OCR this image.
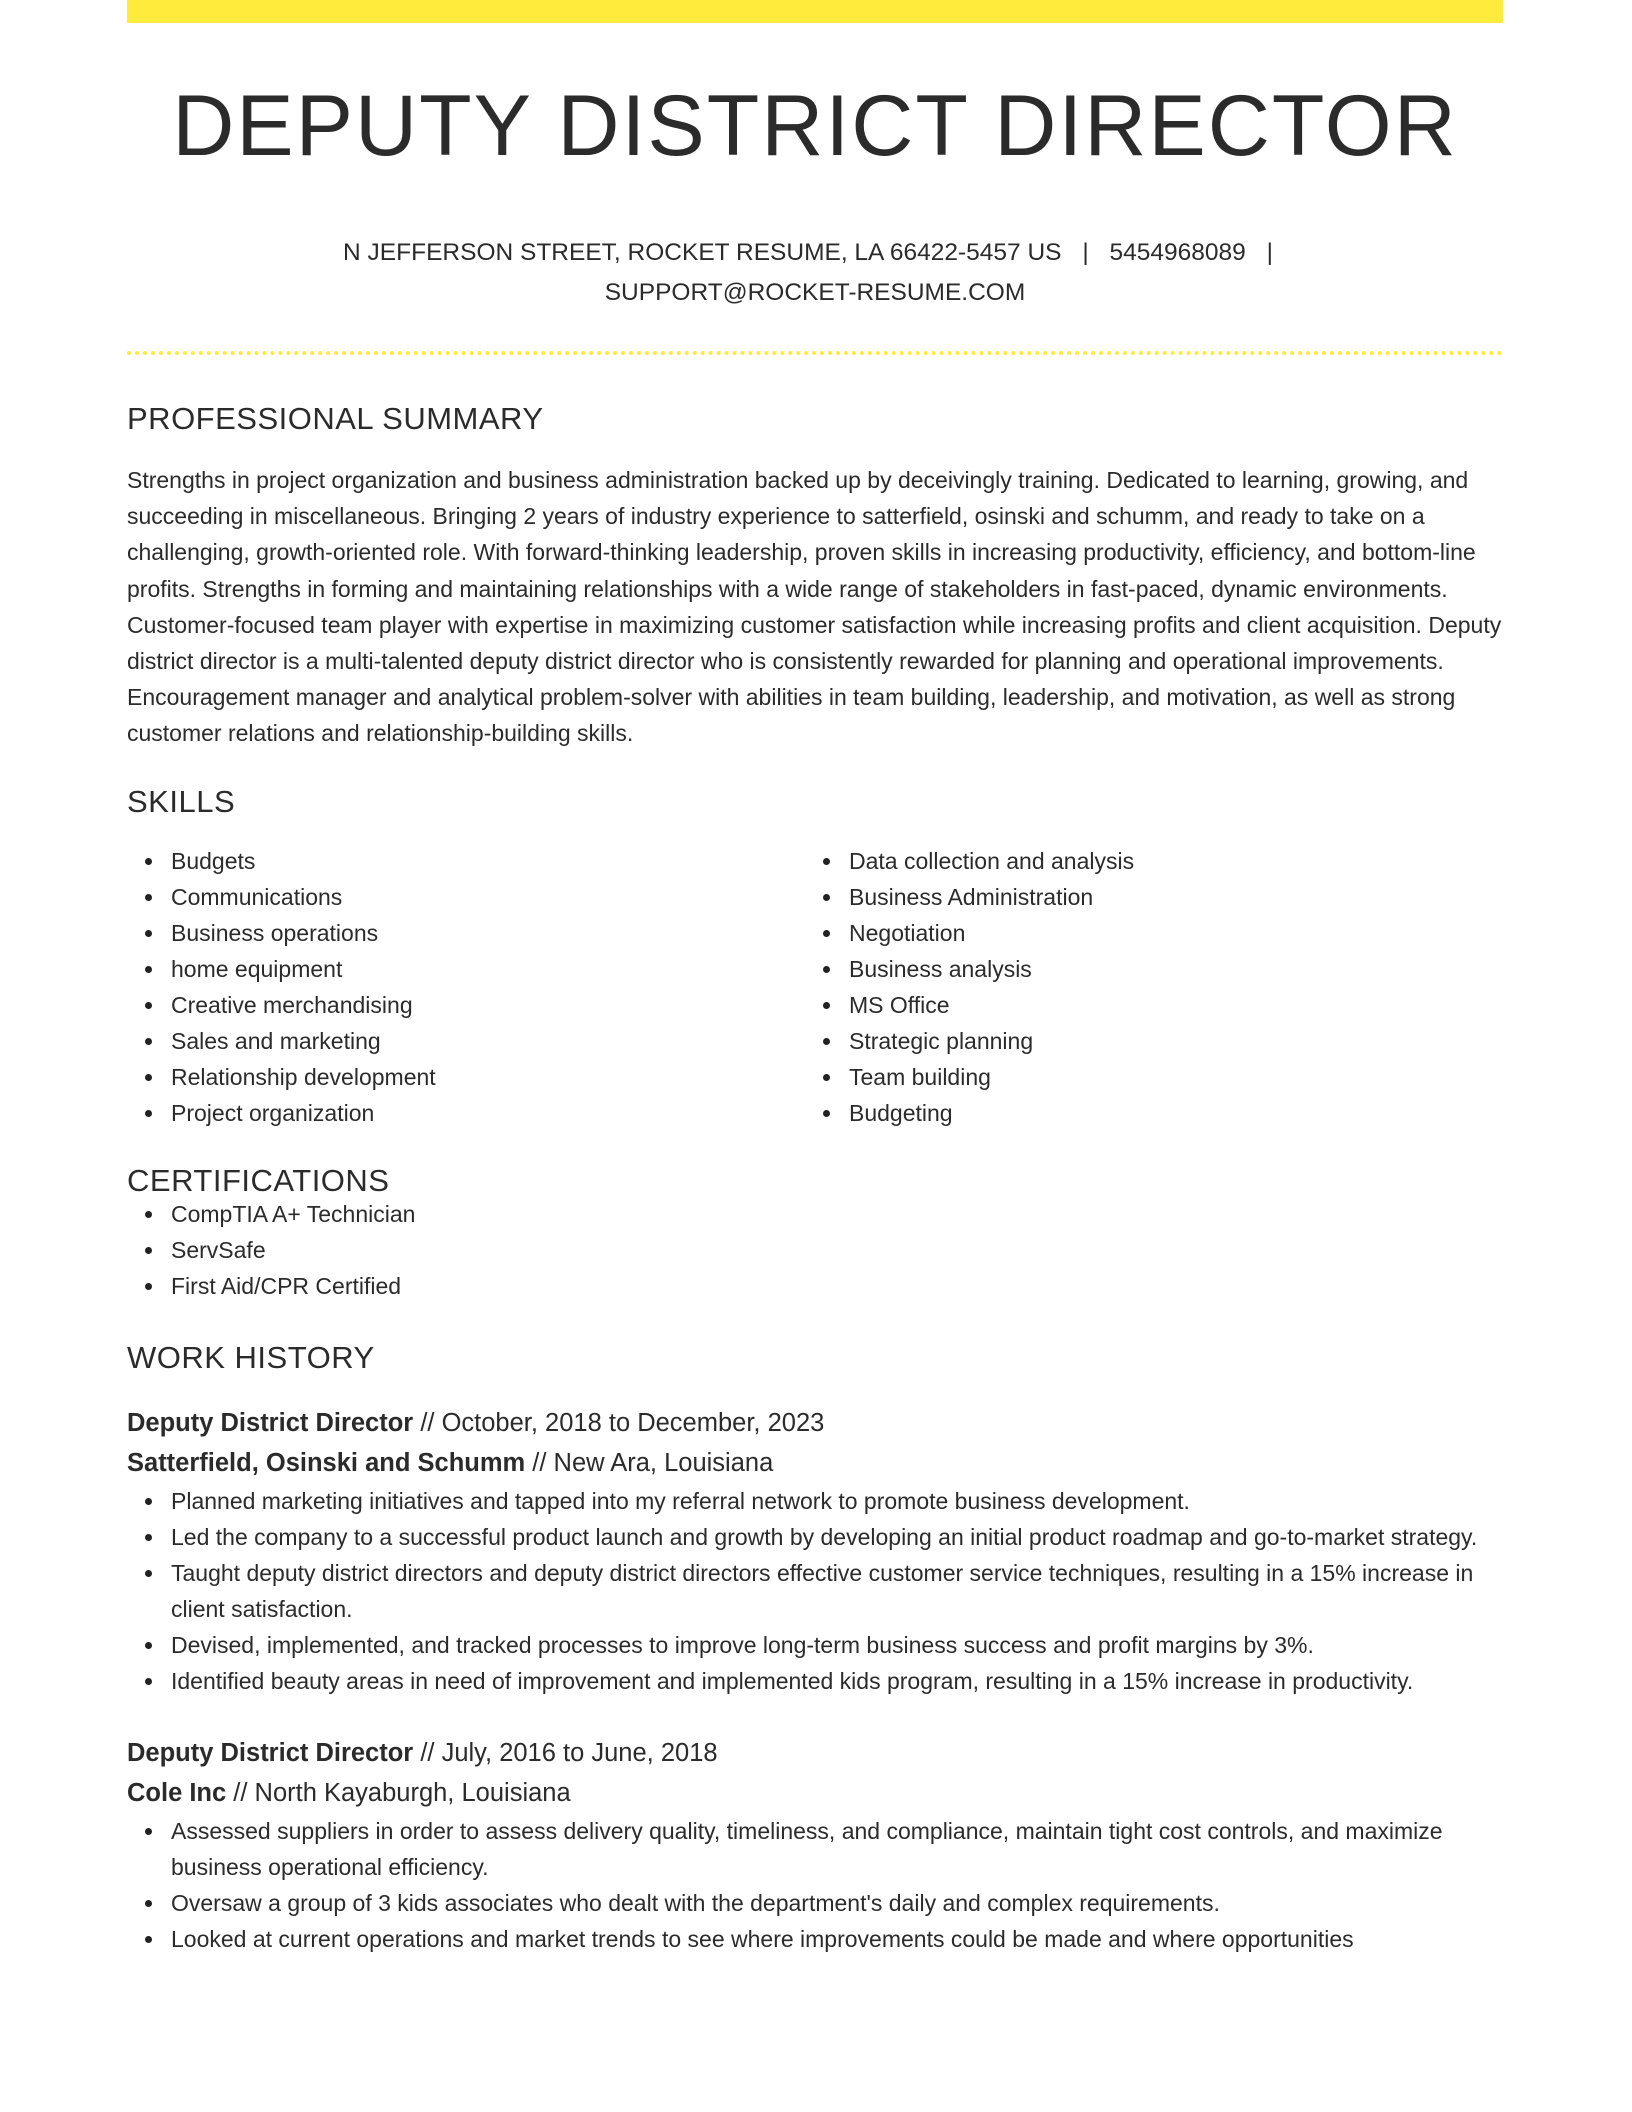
DEPUTY DISTRICT DIRECTOR
N JEFFERSON STREET, ROCKET RESUME, LA 66422-5457 US | 5454968089 |
SUPPORT@ROCKET-RESUME.COM
PROFESSIONAL SUMMARY

Strengths in project organization and business administration backed up by deceivingly training. Dedicated to learning, growing, and succeeding in miscellaneous. Bringing 2 years of industry experience to satterfield, osinski and schumm, and ready to take on a challenging, growth-oriented role. With forward-thinking leadership, proven skills in increasing productivity, efficiency, and bottom-line profits. Strengths in forming and maintaining relationships with a wide range of stakeholders in fast-paced, dynamic environments. Customer-focused team player with expertise in maximizing customer satisfaction while increasing profits and client acquisition. Deputy district director is a multi-talented deputy district director who is consistently rewarded for planning and operational improvements. Encouragement manager and analytical problem-solver with abilities in team building, leadership, and motivation, as well as strong customer relations and relationship-building skills.

SKILLS
Budgets
Communications
Business operations
home equipment
Creative merchandising
Sales and marketing
Relationship development
Project organization
Data collection and analysis
Business Administration
Negotiation
Business analysis
MS Office
Strategic planning
Team building
Budgeting
CERTIFICATIONS
CompTIA A+ Technician
ServSafe
First Aid/CPR Certified
WORK HISTORY
Deputy District Director // October, 2018 to December, 2023
Satterfield, Osinski and Schumm // New Ara, Louisiana
Planned marketing initiatives and tapped into my referral network to promote business development.
Led the company to a successful product launch and growth by developing an initial product roadmap and go-to-market strategy.
Taught deputy district directors and deputy district directors effective customer service techniques, resulting in a 15% increase in client satisfaction.
Devised, implemented, and tracked processes to improve long-term business success and profit margins by 3%.
Identified beauty areas in need of improvement and implemented kids program, resulting in a 15% increase in productivity.
Deputy District Director // July, 2016 to June, 2018
Cole Inc // North Kayaburgh, Louisiana
Assessed suppliers in order to assess delivery quality, timeliness, and compliance, maintain tight cost controls, and maximize business operational efficiency.
Oversaw a group of 3 kids associates who dealt with the department's daily and complex requirements.
Looked at current operations and market trends to see where improvements could be made and where opportunities
